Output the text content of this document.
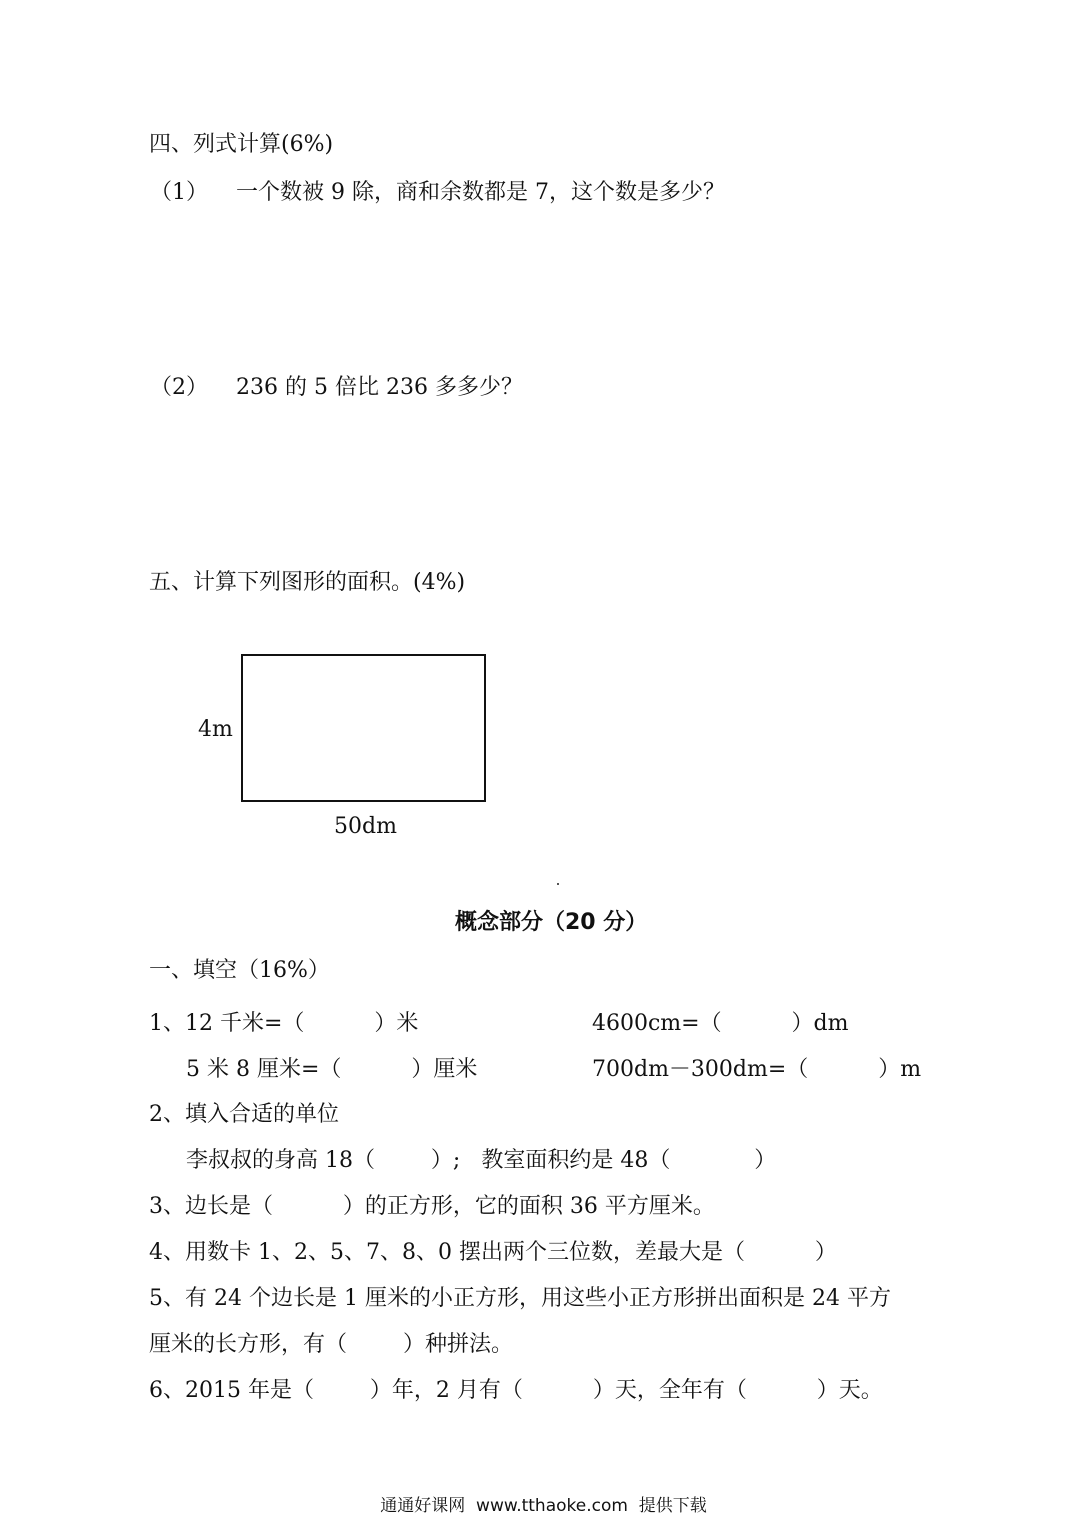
四、列式计算(6%)
（1） 一个数被 9 除，商和余数都是 7，这个数是多少？
（2） 236 的 5 倍比 236 多多少？
五、计算下列图形的面积。(4%)
4m
50dm
概念部分（20 分）
一、填空（16%）
1、12 千米=（          ）米	4600cm=（          ）dm
5 米 8 厘米=（          ）厘米	700dm－300dm=（          ）m
2、填入合适的单位
李叔叔的身高 18（        ）;   教室面积约是 48（            ）
3、边长是（          ）的正方形，它的面积 36 平方厘米。
4、用数卡 1、2、5、7、8、0 摆出两个三位数，差最大是（          ）
5、有 24 个边长是 1 厘米的小正方形，用这些小正方形拼出面积是 24 平方
厘米的长方形，有（        ）种拼法。
6、2015 年是（        ）年，2 月有（          ）天，全年有（          ）天。
通通好课网  www.tthaoke.com  提供下载
